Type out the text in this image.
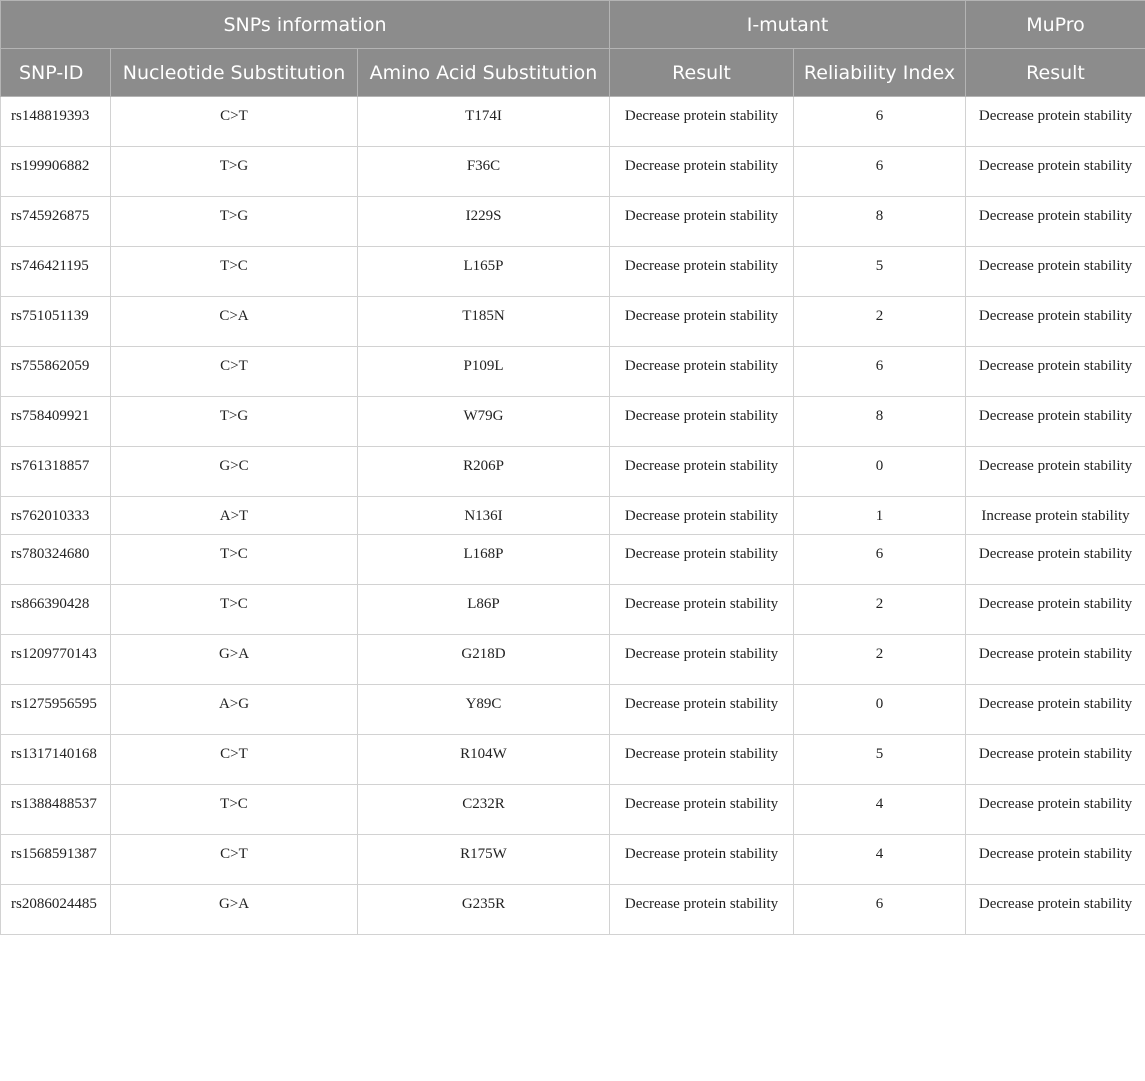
SNPs information			I-mutant		MuPro
SNP-ID	Nucleotide Substitution	Amino Acid Substitution	Result	Reliability Index	Result
rs148819393	C>T	T174I	Decrease protein stability	6	Decrease protein stability
rs199906882	T>G	F36C	Decrease protein stability	6	Decrease protein stability
rs745926875	T>G	I229S	Decrease protein stability	8	Decrease protein stability
rs746421195	T>C	L165P	Decrease protein stability	5	Decrease protein stability
rs751051139	C>A	T185N	Decrease protein stability	2	Decrease protein stability
rs755862059	C>T	P109L	Decrease protein stability	6	Decrease protein stability
rs758409921	T>G	W79G	Decrease protein stability	8	Decrease protein stability
rs761318857	G>C	R206P	Decrease protein stability	0	Decrease protein stability
rs762010333	A>T	N136I	Decrease protein stability	1	Increase protein stability
rs780324680	T>C	L168P	Decrease protein stability	6	Decrease protein stability
rs866390428	T>C	L86P	Decrease protein stability	2	Decrease protein stability
rs1209770143	G>A	G218D	Decrease protein stability	2	Decrease protein stability
rs1275956595	A>G	Y89C	Decrease protein stability	0	Decrease protein stability
rs1317140168	C>T	R104W	Decrease protein stability	5	Decrease protein stability
rs1388488537	T>C	C232R	Decrease protein stability	4	Decrease protein stability
rs1568591387	C>T	R175W	Decrease protein stability	4	Decrease protein stability
rs2086024485	G>A	G235R	Decrease protein stability	6	Decrease protein stability
